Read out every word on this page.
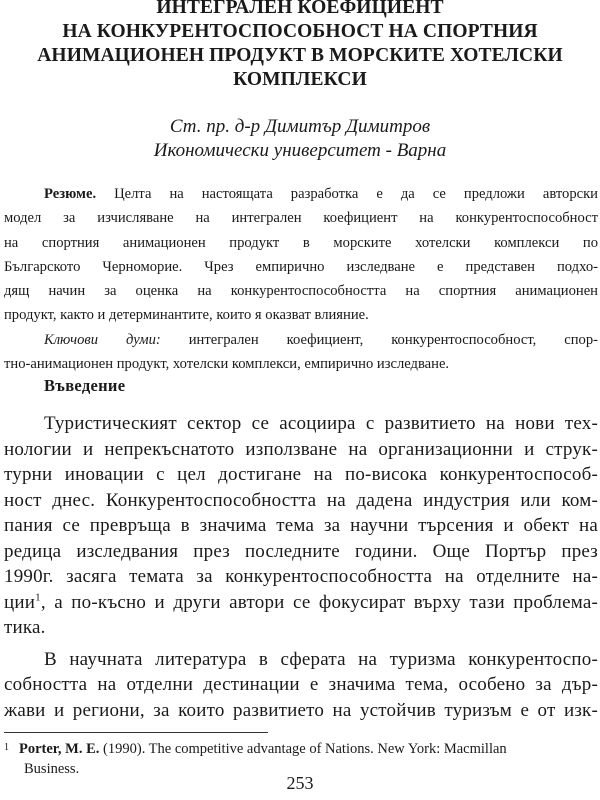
ИНТЕГРАЛЕН КОЕФИЦИЕНТ
НА КОНКУРЕНТОСПОСОБНОСТ НА СПОРТНИЯ
АНИМАЦИОНЕН ПРОДУКТ В МОРСКИТЕ ХОТЕЛСКИ
КОМПЛЕКСИ
Ст. пр. д-р Димитър Димитров
Икономически университет - Варна
Резюме. Целта на настоящата разработка е да се предложи авторски
модел за изчисляване на интегрален коефициент на конкурентоспособност
на спортния анимационен продукт в морските хотелски комплекси по
Българското Черноморие. Чрез емпирично изследване е представен подхо-
дящ начин за оценка на конкурентоспособността на спортния анимационен
продукт, както и детерминантите, които я оказват влияние.
Ключови думи: интегрален коефициент, конкурентоспособност, спор-
тно-анимационен продукт, хотелски комплекси, емпирично изследване.
Въведение
Туристическият сектор се асоциира с развитието на нови тех-
нологии и непрекъснатото използване на организационни и струк-
турни иновации с цел достигане на по-висока конкурентоспособ-
ност днес. Конкурентоспособността на дадена индустрия или ком-
пания се превръща в значима тема за научни търсения и обект на
редица изследвания през последните години. Още Портър през
1990г. засяга темата за конкурентоспособността на отделните на-
ции$^1$, а по-късно и други автори се фокусират върху тази проблема-
тика.
В научната литература в сферата на туризма конкурентоспо-
собността на отделни дестинации е значима тема, особено за дър-
жави и региони, за които развитието на устойчив туризъм е от изк-
$^1$ Porter, M. E. (1990). The competitive advantage of Nations. New York: Macmillan
Business.
253
